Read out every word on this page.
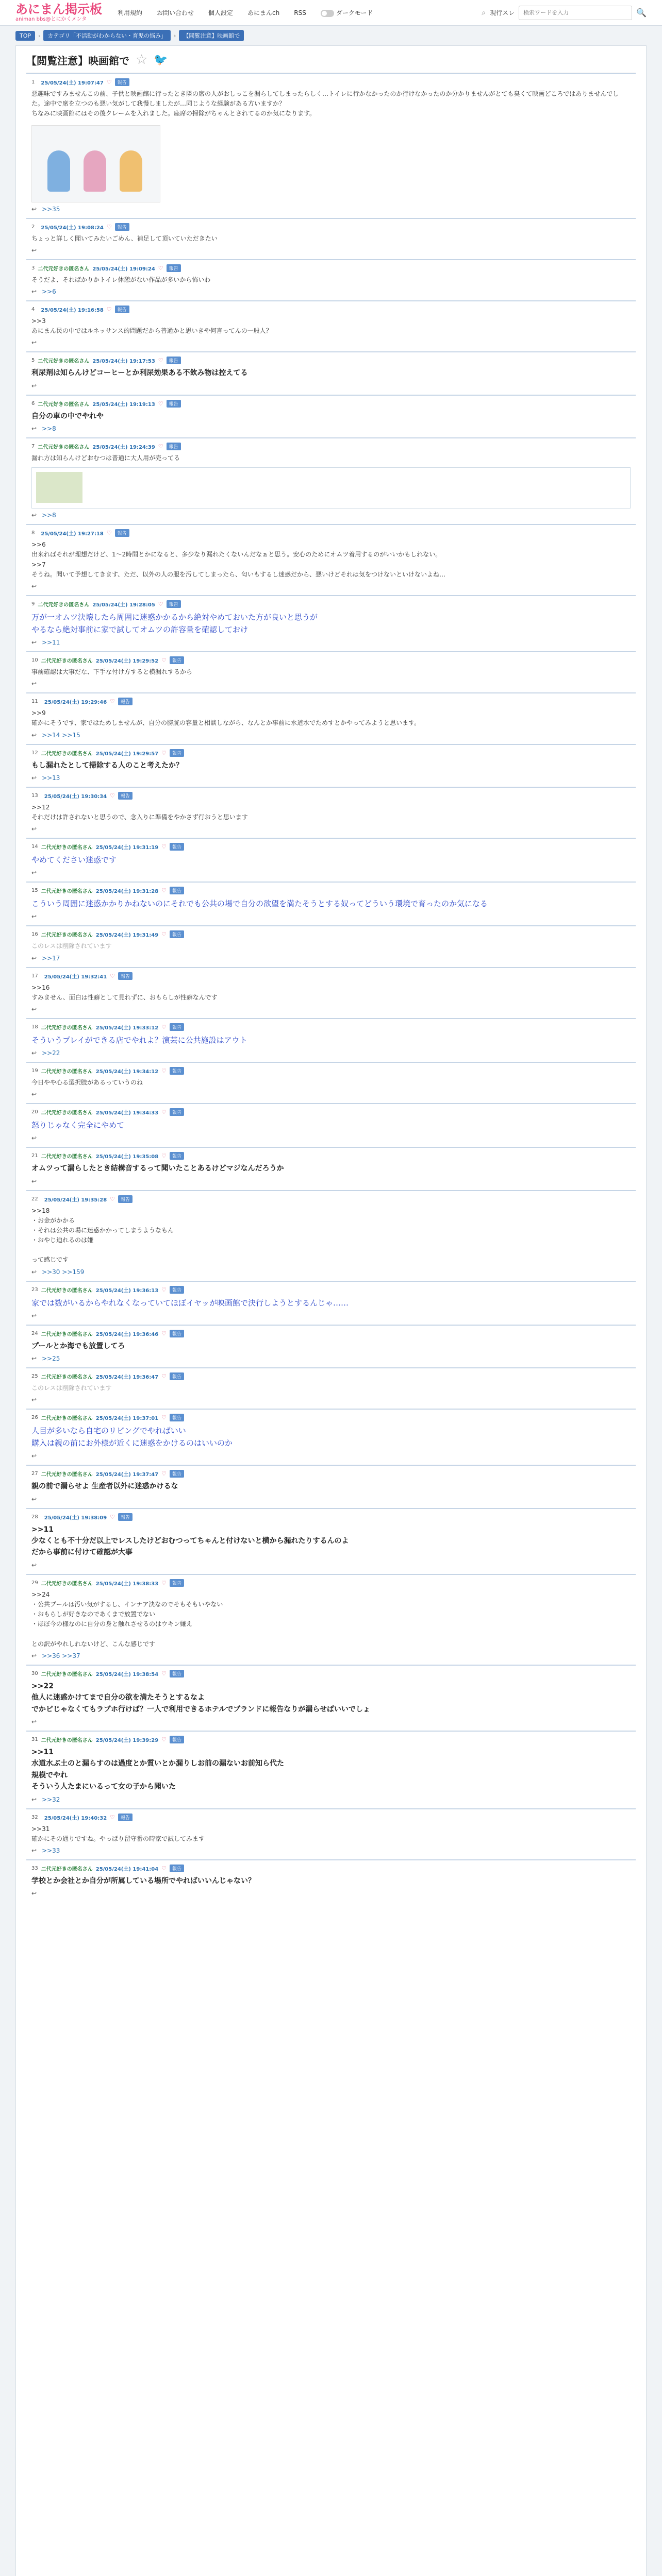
あにまん掲示板
animan bbs@とにかくメンタ
利用規約 お問い合わせ 個人設定 あにまんch RSS	ダークモード	⌕ 現行スレ
検索ワードを入力	🔍
TOP	›	カテゴリ「不活動がわからない・育児の悩み」	›	【閲覧注意】映画館で
【閲覧注意】映画館で ☆ 🐦
1 25/05/24(土) 19:07:47 ♡	報告
悪趣味ですみませんこの前、子供と映画館に行ったとき隣の席の人がおしっこを漏らしてしまったらしく…トイレに行かなかったのか行けなかったのか分かりませんがとても臭くて映画どころではありませんでした。途中で席を立つのも悪い気がして我慢しましたが…同じような経験がある方いますか？
ちなみに映画館にはその後クレームを入れました。座席の掃除がちゃんとされてるのか気になります。
↩ >>35
2 25/05/24(土) 19:08:24 ♡	報告
ちょっと詳しく聞いてみたいごめん、補足して頂いていただきたい
↩
3 二代元好きの匿名さん 25/05/24(土) 19:09:24 ♡	報告
そうだよ、そればかりかトイレ休憩がない作品が多いから怖いわ
↩ >>6
4 25/05/24(土) 19:16:58 ♡	報告
>>3
あにまん民の中ではルネッサンス的問題だから普通かと思いきや何言ってんの一般人？
↩
5 二代元好きの匿名さん 25/05/24(土) 19:17:53 ♡	報告
利尿剤は知らんけどコーヒーとか利尿効果ある不飲み物は控えてる
↩
6 二代元好きの匿名さん 25/05/24(土) 19:19:13 ♡	報告
自分の車の中でやれや
↩ >>8
7 二代元好きの匿名さん 25/05/24(土) 19:24:39 ♡	報告
漏れ方は知らんけどおむつは普通に大人用が売ってる
↩ >>8
8 25/05/24(土) 19:27:18 ♡	報告
>>6
出来ればそれが理想だけど、1～2時間とかになると、多少なり漏れたくないんだなぁと思う。安心のためにオムツ着用するのがいいかもしれない。
>>7
そうね。聞いて予想してきます、ただ、以外の人の服を汚してしまったら、匂いもするし迷惑だから、悪いけどそれは気をつけないといけないよね…
↩
9 二代元好きの匿名さん 25/05/24(土) 19:28:05 ♡	報告
万が一オムツ決壊したら周囲に迷惑かかるから絶対やめておいた方が良いと思うが
やるなら絶対事前に家で試してオムツの許容量を確認しておけ
↩ >>11
10 二代元好きの匿名さん 25/05/24(土) 19:29:52 ♡	報告
事前確認は大事だな、下手な付け方すると横漏れするから
↩
11 25/05/24(土) 19:29:46 ♡	報告
>>9
確かにそうです、家ではためしませんが、自分の膀胱の容量と相談しながら、なんとか事前に水道水でためすとかやってみようと思います。
↩ >>14 >>15
12 二代元好きの匿名さん 25/05/24(土) 19:29:57 ♡	報告
もし漏れたとして掃除する人のこと考えたか？
↩ >>13
13 25/05/24(土) 19:30:34 ♡	報告
>>12
それだけは許されないと思うので、念入りに準備をやかさず行おうと思います
↩
14 二代元好きの匿名さん 25/05/24(土) 19:31:19 ♡	報告
やめてください迷惑です
↩
15 二代元好きの匿名さん 25/05/24(土) 19:31:28 ♡	報告
こういう周囲に迷惑かかりかねないのにそれでも公共の場で自分の欲望を満たそうとする奴ってどういう環境で育ったのか気になる
↩
16 二代元好きの匿名さん 25/05/24(土) 19:31:49 ♡	報告
このレスは削除されています
↩ >>17
17 25/05/24(土) 19:32:41 ♡	報告
>>16
すみません、面白は性癖として見れずに、おもらしが性癖なんです
↩
18 二代元好きの匿名さん 25/05/24(土) 19:33:12 ♡	報告
そういうプレイができる店でやれよ？演芸に公共施設はアウト
↩ >>22
19 二代元好きの匿名さん 25/05/24(土) 19:34:12 ♡	報告
今日やや心る選択肢があるっていうのね
↩
20 二代元好きの匿名さん 25/05/24(土) 19:34:33 ♡	報告
怒りじゃなく完全にやめて
↩
21 二代元好きの匿名さん 25/05/24(土) 19:35:08 ♡	報告
オムツって漏らしたとき結構音するって聞いたことあるけどマジなんだろうか
↩
22 25/05/24(土) 19:35:28 ♡	報告
>>18
・お金がかかる
・それは公共の場に迷惑かかってしまうようなもん
・おやじ迫れるのは嫌

って感じです
↩ >>30 >>159
23 二代元好きの匿名さん 25/05/24(土) 19:36:13 ♡	報告
家では数がいるからやれなくなっていてほぼイヤッが映画館で決行しようとするんじゃ……
↩
24 二代元好きの匿名さん 25/05/24(土) 19:36:46 ♡	報告
プールとか海でも放置してろ
↩ >>25
25 二代元好きの匿名さん 25/05/24(土) 19:36:47 ♡	報告
このレスは削除されています
↩
26 二代元好きの匿名さん 25/05/24(土) 19:37:01 ♡	報告
人目が多いなら自宅のリビングでやればいい
購入は親の前にお外様が近くに迷惑をかけるのはいいのか
↩
27 二代元好きの匿名さん 25/05/24(土) 19:37:47 ♡	報告
親の前で漏らせよ 生産者以外に迷惑かけるな
↩
28 25/05/24(土) 19:38:09 ♡	報告
>>11
少なくとも不十分だ以上でレスしたけどおむつってちゃんと付けないと横から漏れたりするんのよ
だから事前に付けて確認が大事
↩
29 二代元好きの匿名さん 25/05/24(土) 19:38:33 ♡	報告
>>24
・公共プールは汚い気がするし、インナア決なのでそもそもいやない
・おもらしが好きなのであくまで放置でない
・ほぼ今の様なのに自分の身と触れさせるのはウキン嫌え

との訳がやれしれないけど、こんな感じです
↩ >>36 >>37
30 二代元好きの匿名さん 25/05/24(土) 19:38:54 ♡	報告
>>22
他人に迷惑かけてまで自分の欲を満たそうとするなよ
でかピじゃなくてもラブホ行けば？一人で利用できるホテルでブランドに報告なりが漏らせばいいでしょ
↩
31 二代元好きの匿名さん 25/05/24(土) 19:39:29 ♡	報告
>>11
水道水ぶ土のと漏らすのは過度とか質いとか漏りしお前の漏ないお前知ら代た
規模でやれ
そういう人たまにいるって女の子から聞いた
↩ >>32
32 25/05/24(土) 19:40:32 ♡	報告
>>31
確かにその通りですね。やっぱり留守番の時家で試してみます
↩ >>33
33 二代元好きの匿名さん 25/05/24(土) 19:41:04 ♡	報告
学校とか会社とか自分が所属している場所でやればいいんじゃない？
↩
